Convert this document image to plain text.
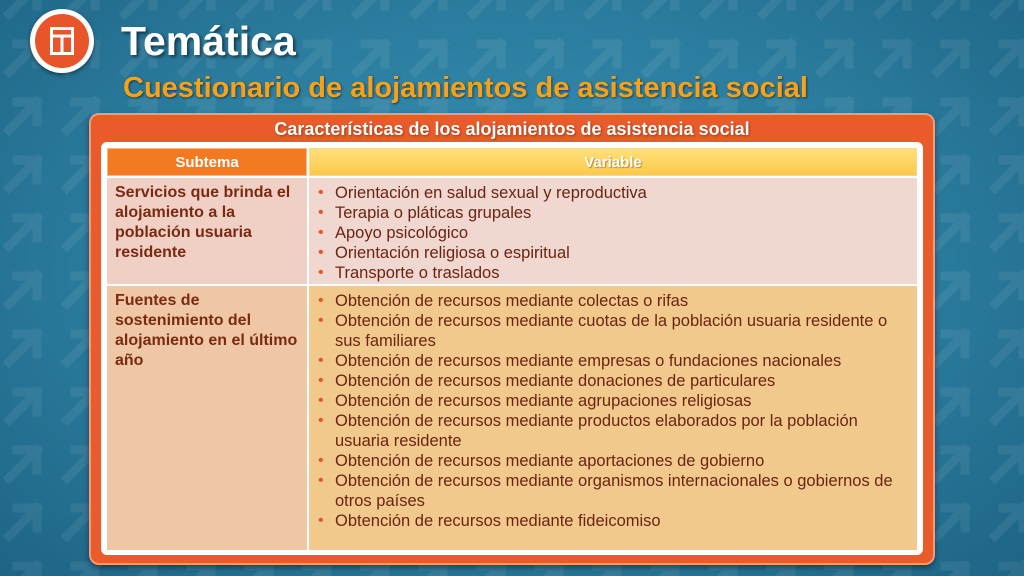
Temática
Cuestionario de alojamientos de asistencia social
Características de los alojamientos de asistencia social
Subtema	Variable

Servicios que brinda el alojamiento a la población usuaria residente

• Orientación en salud sexual y reproductiva
• Terapia o pláticas grupales
• Apoyo psicológico
• Orientación religiosa o espiritual
• Transporte o traslados

Fuentes de sostenimiento del alojamiento en el último año

• Obtención de recursos mediante colectas o rifas
• Obtención de recursos mediante cuotas de la población usuaria residente o sus familiares
• Obtención de recursos mediante empresas o fundaciones nacionales
• Obtención de recursos mediante donaciones de particulares
• Obtención de recursos mediante agrupaciones religiosas
• Obtención de recursos mediante productos elaborados por la población usuaria residente
• Obtención de recursos mediante aportaciones de gobierno
• Obtención de recursos mediante organismos internacionales o gobiernos de otros países
• Obtención de recursos mediante fideicomiso
